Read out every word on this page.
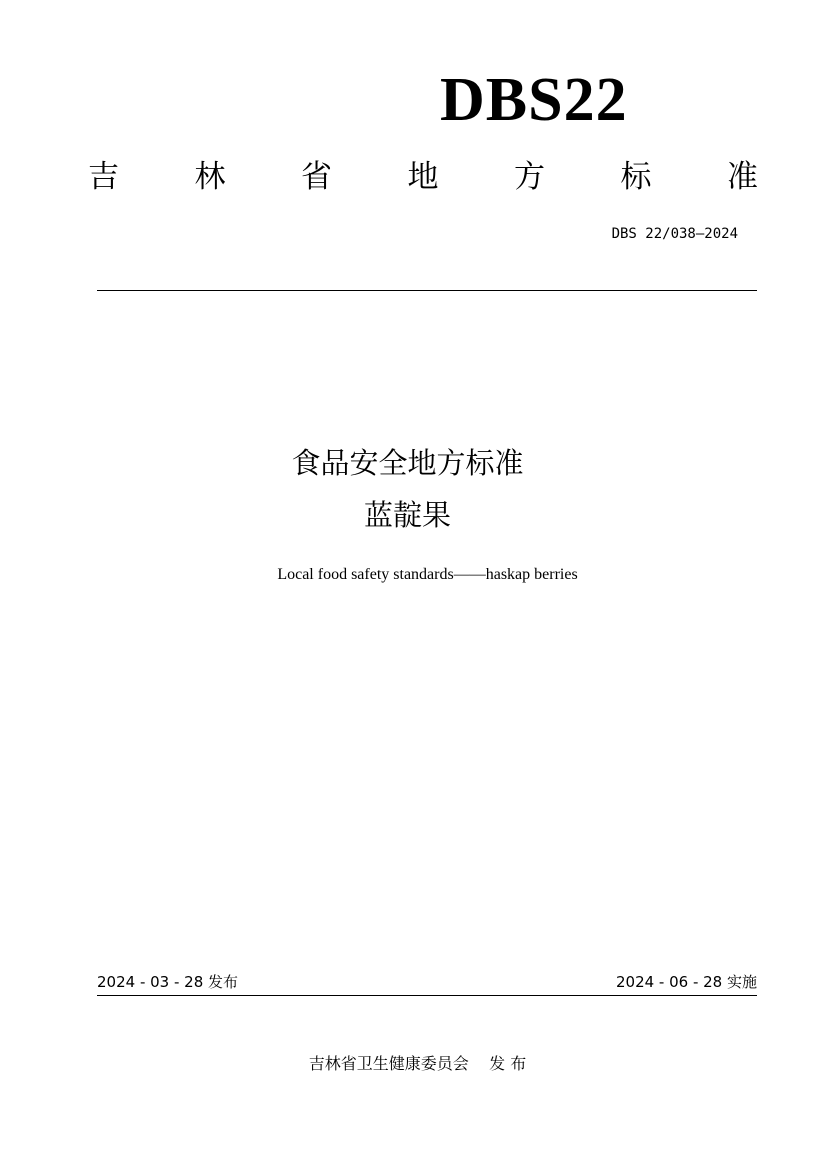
DBS22
吉 林 省 地 方 标 准
DBS 22/038—2024
食品安全地方标准
蓝靛果
Local food safety standards——haskap berries
2024 - 03 - 28 发布	2024 - 06 - 28 实施
吉林省卫生健康委员会    发 布
